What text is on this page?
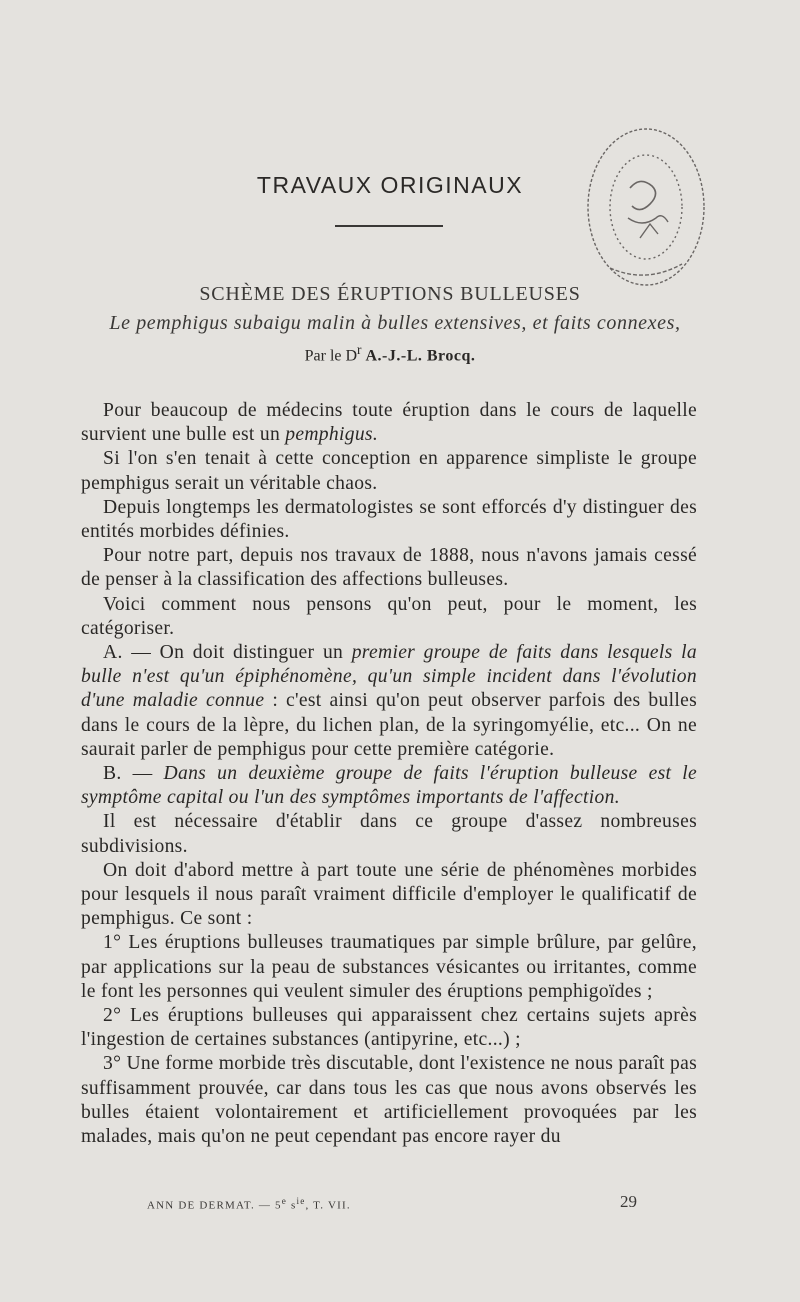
TRAVAUX ORIGINAUX
SCHÈME DES ÉRUPTIONS BULLEUSES
Le pemphigus subaigu malin à bulles extensives, et faits connexes,
Par le $D^r$ A.-J.-L. Brocq.

Pour beaucoup de médecins toute éruption dans le cours de laquelle survient une bulle est un pemphigus.

Si l'on s'en tenait à cette conception en apparence simpliste le groupe pemphigus serait un véritable chaos.

Depuis longtemps les dermatologistes se sont efforcés d'y distinguer des entités morbides définies.

Pour notre part, depuis nos travaux de 1888, nous n'avons jamais cessé de penser à la classification des affections bulleuses.

Voici comment nous pensons qu'on peut, pour le moment, les catégoriser.

A. — On doit distinguer un premier groupe de faits dans lesquels la bulle n'est qu'un épiphénomène, qu'un simple incident dans l'évolution d'une maladie connue : c'est ainsi qu'on peut observer parfois des bulles dans le cours de la lèpre, du lichen plan, de la syringomyélie, etc... On ne saurait parler de pemphigus pour cette première catégorie.

B. — Dans un deuxième groupe de faits l'éruption bulleuse est le symptôme capital ou l'un des symptômes importants de l'affection.

Il est nécessaire d'établir dans ce groupe d'assez nombreuses subdivisions.

On doit d'abord mettre à part toute une série de phénomènes morbides pour lesquels il nous paraît vraiment difficile d'employer le qualificatif de pemphigus. Ce sont :

1° Les éruptions bulleuses traumatiques par simple brûlure, par gelûre, par applications sur la peau de substances vésicantes ou irritantes, comme le font les personnes qui veulent simuler des éruptions pemphigoïdes ;

2° Les éruptions bulleuses qui apparaissent chez certains sujets après l'ingestion de certaines substances (antipyrine, etc...) ;

3° Une forme morbide très discutable, dont l'existence ne nous paraît pas suffisamment prouvée, car dans tous les cas que nous avons observés les bulles étaient volontairement et artificiellement provoquées par les malades, mais qu'on ne peut cependant pas encore rayer du

ANN DE DERMAT. — 5e $s^{ie}$, T. VII.	29
